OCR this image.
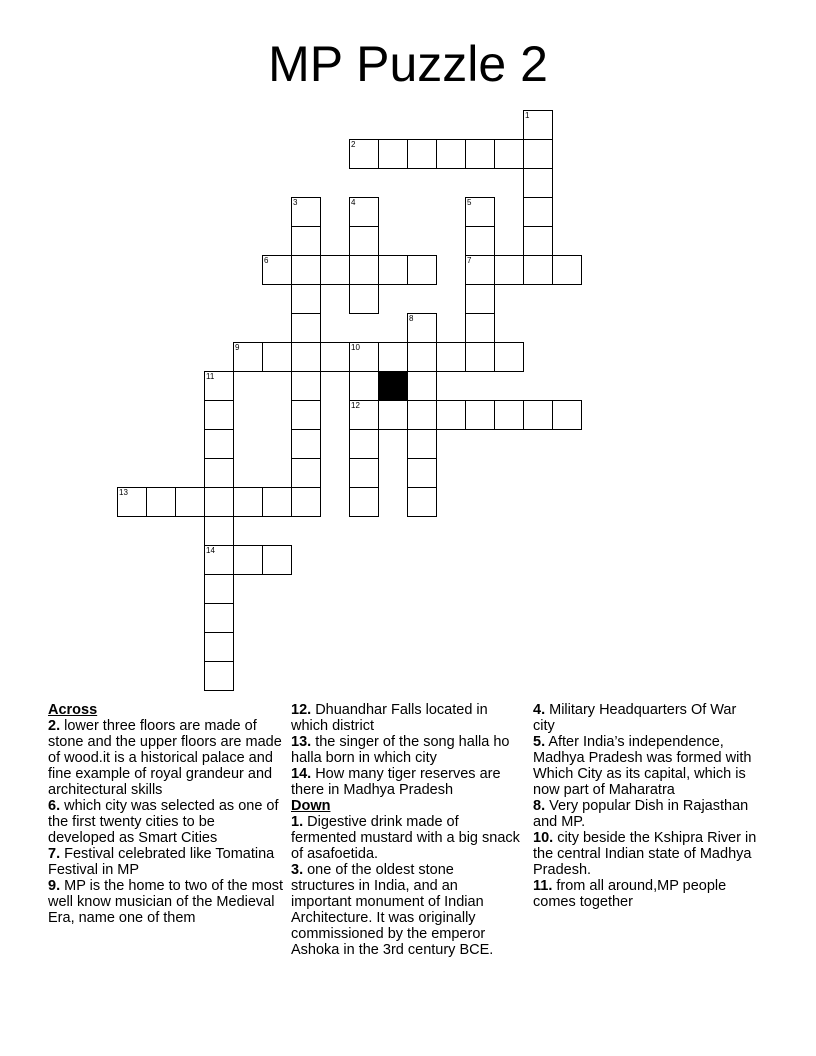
MP Puzzle 2
1
2
3	4	5
7
6
8
9	10
12
11
14
13
Across
2. lower three floors are made of stone and the upper floors are made of wood.it is a historical palace and fine example of royal grandeur and architectural skills
6. which city was selected as one of the first twenty cities to be developed as Smart Cities
7. Festival celebrated like Tomatina Festival in MP
9. MP is the home to two of the most well know musician of the Medieval Era, name one of them
12. Dhuandhar Falls located in which district
13. the singer of the song halla ho halla born in which city
14. How many tiger reserves are there in Madhya Pradesh
Down
1. Digestive drink made of fermented mustard with a big snack of asafoetida.
3. one of the oldest stone structures in India, and an important monument of Indian Architecture. It was originally commissioned by the emperor Ashoka in the 3rd century BCE.
4. Military Headquarters Of War city
5. After India’s independence, Madhya Pradesh was formed with Which City as its capital, which is now part of Maharatra
8. Very popular Dish in Rajasthan and MP.
10. city beside the Kshipra River in the central Indian state of Madhya Pradesh.
11. from all around,MP people comes together
